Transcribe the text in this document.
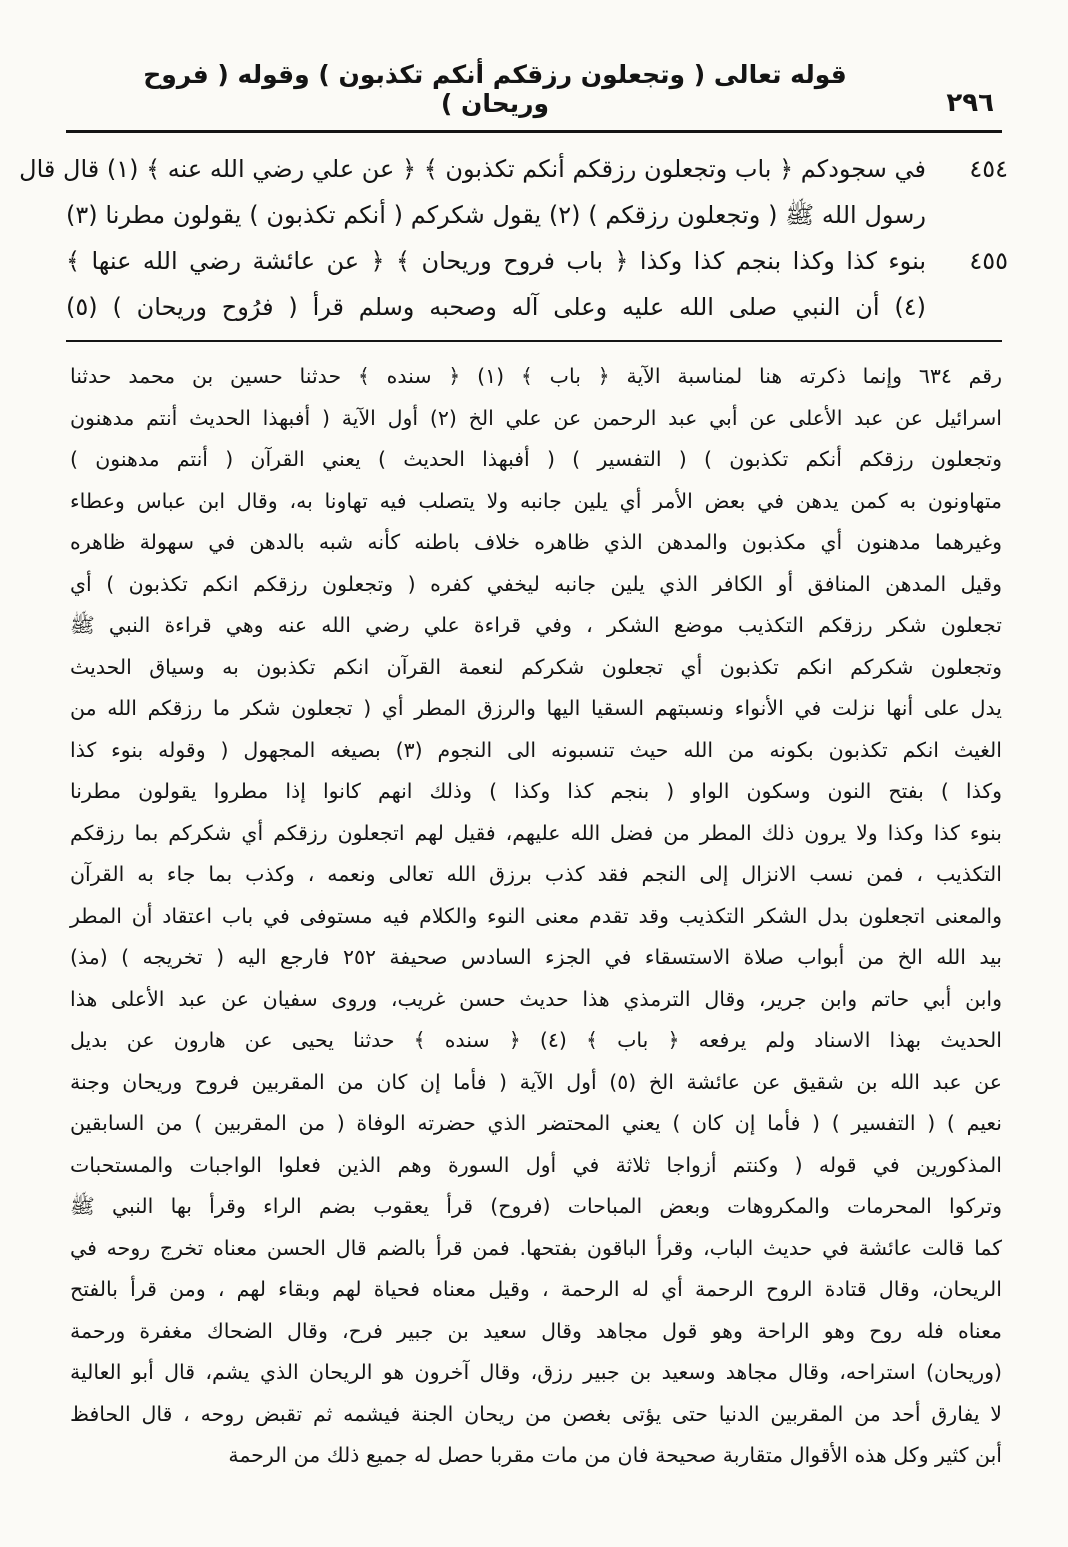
٢٩٦
قوله تعالى ( وتجعلون رزقكم أنكم تكذبون ) وقوله ( فروح وريحان )
٤٥٤
في سجودكم ﴿ باب وتجعلون رزقكم أنكم تكذبون ﴾ ﴿ عن علي رضي الله عنه ﴾ (١) قال قال
رسول الله ﷺ ( وتجعلون رزقكم ) (٢) يقول شكركم ( أنكم تكذبون ) يقولون مطرنا (٣)
٤٥٥
بنوء كذا وكذا بنجم كذا وكذا ﴿ باب فروح وريحان ﴾ ﴿ عن عائشة رضي الله عنها ﴾
(٤) أن النبي صلى الله عليه وعلى آله وصحبه وسلم قرأ ( فرُوح وريحان ) (٥)
رقم ٦٣٤ وإنما ذكرته هنا لمناسبة الآية ﴿ باب ﴾ (١) ﴿ سنده ﴾ حدثنا حسين بن محمد حدثنا
اسرائيل عن عبد الأعلى عن أبي عبد الرحمن عن علي الخ (٢) أول الآية ( أفبهذا الحديث أنتم مدهنون
وتجعلون رزقكم أنكم تكذبون ) ( التفسير ) ( أفبهذا الحديث ) يعني القرآن ( أنتم مدهنون )
متهاونون به كمن يدهن في بعض الأمر أي يلين جانبه ولا يتصلب فيه تهاونا به، وقال ابن عباس وعطاء
وغيرهما مدهنون أي مكذبون والمدهن الذي ظاهره خلاف باطنه كأنه شبه بالدهن في سهولة ظاهره
وقيل المدهن المنافق أو الكافر الذي يلين جانبه ليخفي كفره ( وتجعلون رزقكم انكم تكذبون ) أي
تجعلون شكر رزقكم التكذيب موضع الشكر ، وفي قراءة علي رضي الله عنه وهي قراءة النبي ﷺ
وتجعلون شكركم انكم تكذبون أي تجعلون شكركم لنعمة القرآن انكم تكذبون به وسياق الحديث
يدل على أنها نزلت في الأنواء ونسبتهم السقيا اليها والرزق المطر أي ( تجعلون شكر ما رزقكم الله من
الغيث انكم تكذبون بكونه من الله حيث تنسبونه الى النجوم (٣) بصيغه المجهول ( وقوله بنوء كذا
وكذا ) بفتح النون وسكون الواو ( بنجم كذا وكذا ) وذلك انهم كانوا إذا مطروا يقولون مطرنا
بنوء كذا وكذا ولا يرون ذلك المطر من فضل الله عليهم، فقيل لهم اتجعلون رزقكم أي شكركم بما رزقكم
التكذيب ، فمن نسب الانزال إلى النجم فقد كذب برزق الله تعالى ونعمه ، وكذب بما جاء به القرآن
والمعنى اتجعلون بدل الشكر التكذيب وقد تقدم معنى النوء والكلام فيه مستوفى في باب اعتقاد أن المطر
بيد الله الخ من أبواب صلاة الاستسقاء في الجزء السادس صحيفة ٢٥٢ فارجع اليه ( تخريجه ) (مذ)
وابن أبي حاتم وابن جرير، وقال الترمذي هذا حديث حسن غريب، وروى سفيان عن عبد الأعلى هذا
الحديث بهذا الاسناد ولم يرفعه ﴿ باب ﴾ (٤) ﴿ سنده ﴾ حدثنا يحيى عن هارون عن بديل
عن عبد الله بن شقيق عن عائشة الخ (٥) أول الآية ( فأما إن كان من المقربين فروح وريحان وجنة
نعيم ) ( التفسير ) ( فأما إن كان ) يعني المحتضر الذي حضرته الوفاة ( من المقربين ) من السابقين
المذكورين في قوله ( وكنتم أزواجا ثلاثة في أول السورة وهم الذين فعلوا الواجبات والمستحبات
وتركوا المحرمات والمكروهات وبعض المباحات (فروح) قرأ يعقوب بضم الراء وقرأ بها النبي ﷺ
كما قالت عائشة في حديث الباب، وقرأ الباقون بفتحها. فمن قرأ بالضم قال الحسن معناه تخرج روحه في
الريحان، وقال قتادة الروح الرحمة أي له الرحمة ، وقيل معناه فحياة لهم وبقاء لهم ، ومن قرأ بالفتح
معناه فله روح وهو الراحة وهو قول مجاهد وقال سعيد بن جبير فرح، وقال الضحاك مغفرة ورحمة
(وريحان) استراحه، وقال مجاهد وسعيد بن جبير رزق، وقال آخرون هو الريحان الذي يشم، قال أبو العالية
لا يفارق أحد من المقربين الدنيا حتى يؤتى بغصن من ريحان الجنة فيشمه ثم تقبض روحه ، قال الحافظ
أبن كثير وكل هذه الأقوال متقاربة صحيحة فان من مات مقربا حصل له جميع ذلك من الرحمة
